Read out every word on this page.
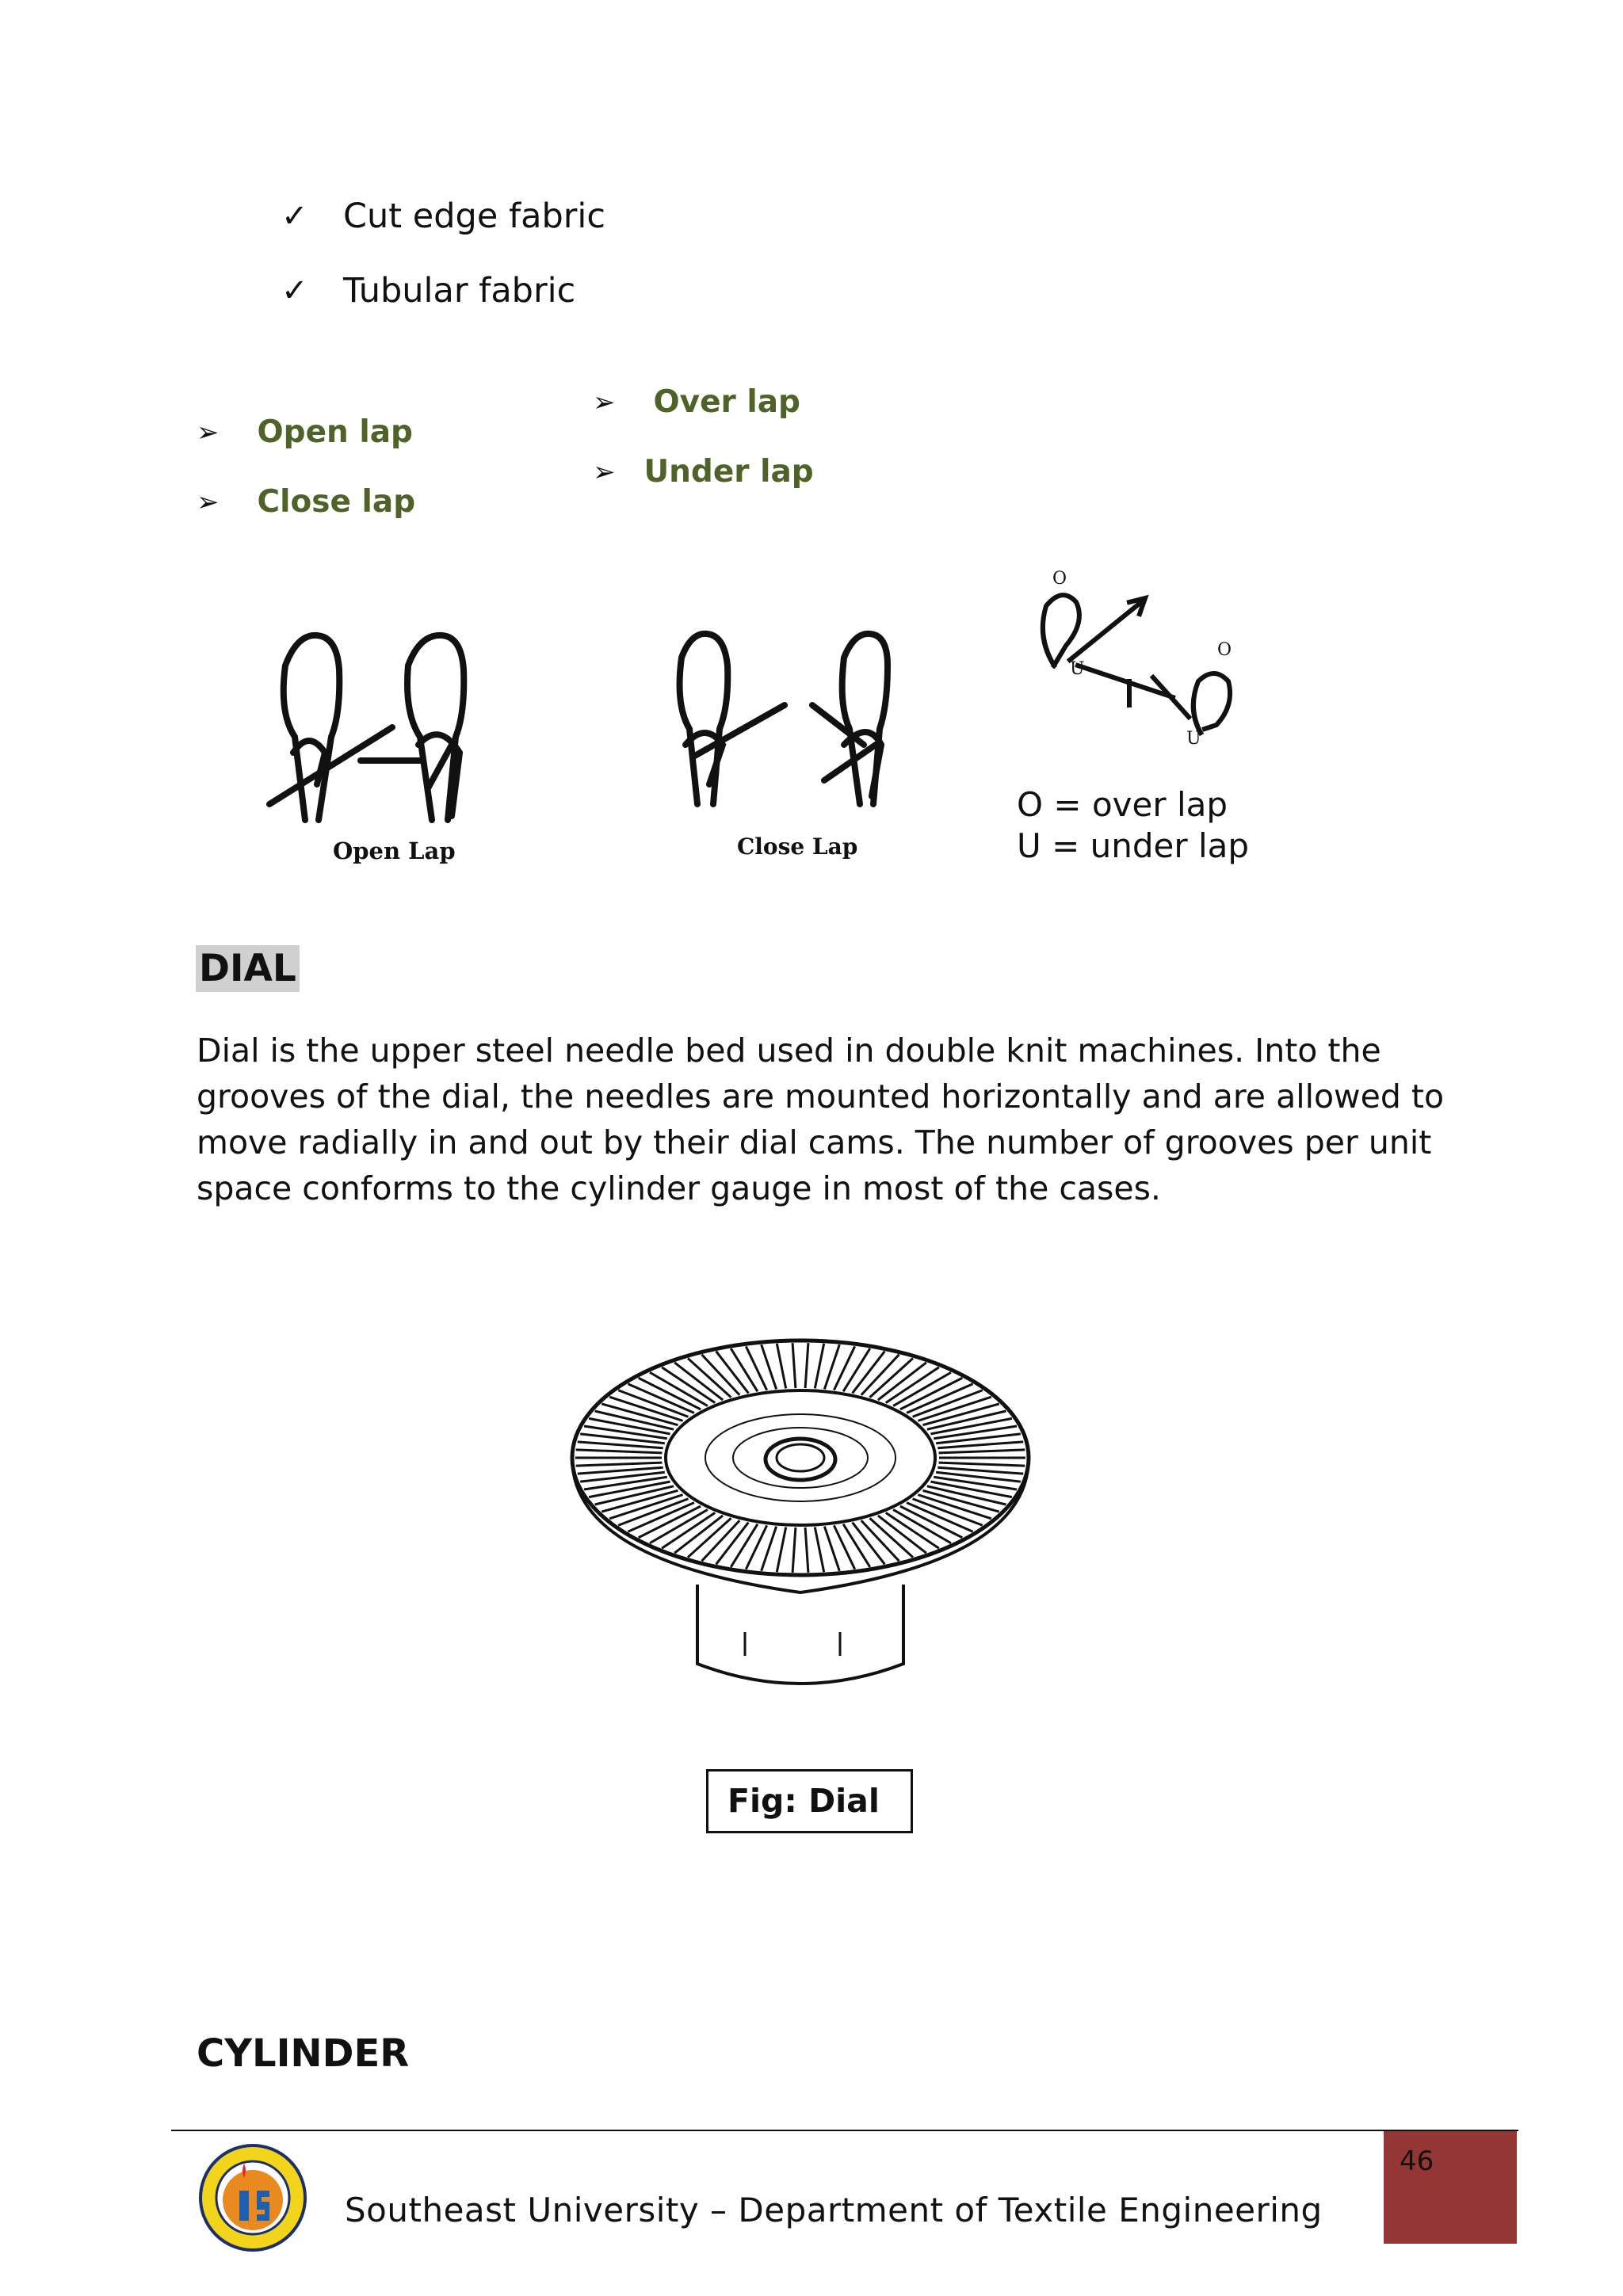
✓	Cut edge fabric
✓	Tubular fabric
➢ Open lap
➢ Close lap
➢ Over lap
➢ Under lap
Open Lap	Close Lap
O
U
O
U
O = over lap
U = under lap
DIAL
Dial is the upper steel needle bed used in double knit machines. Into the grooves of the dial, the needles are mounted horizontally and are allowed to move radially in and out by their dial cams. The number of grooves per unit space conforms to the cylinder gauge in most of the cases.
Fig: Dial
CYLINDER
Southeast University – Department of Textile Engineering
46
